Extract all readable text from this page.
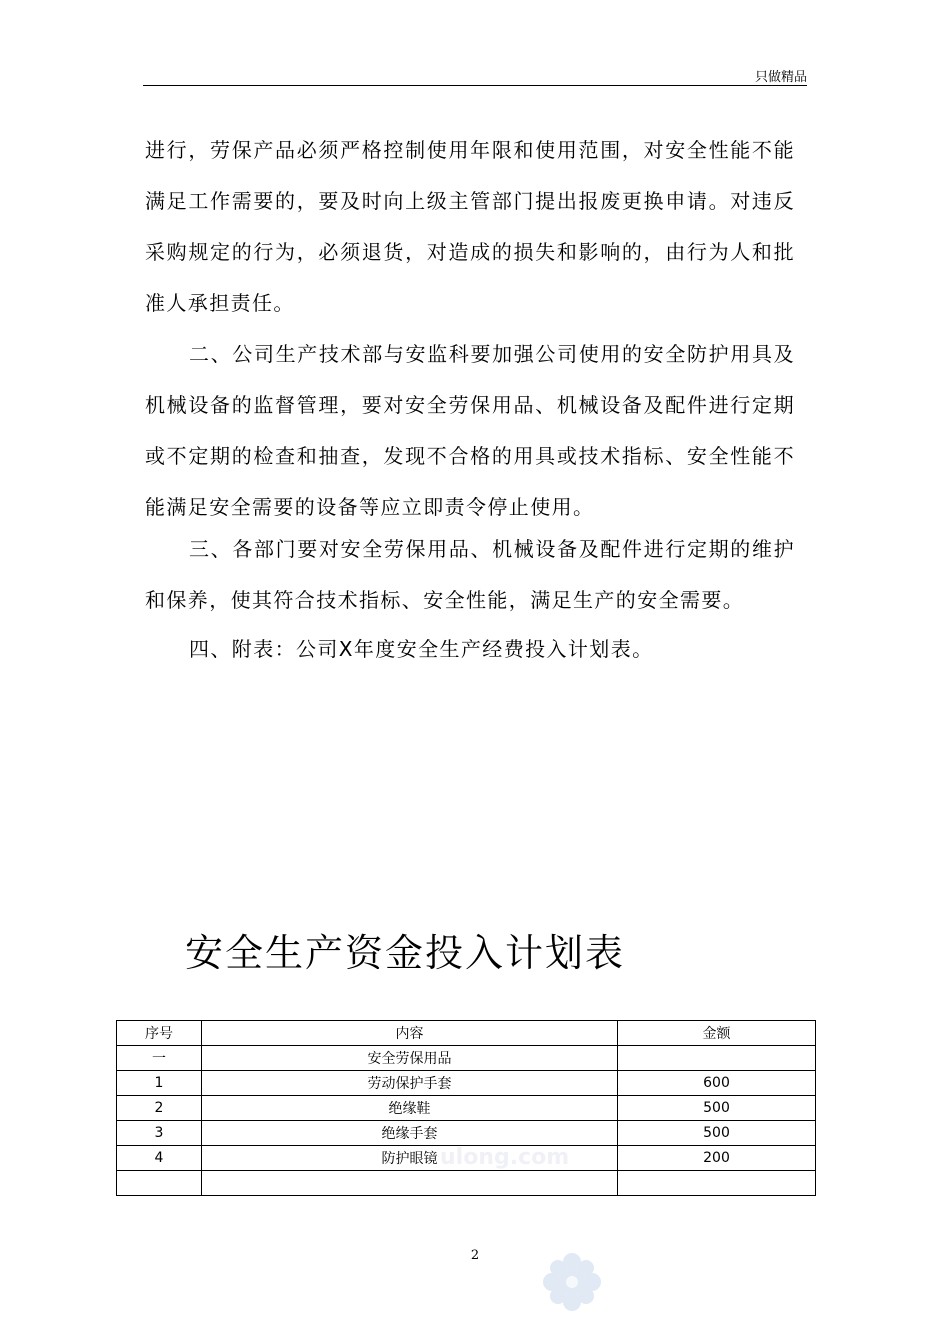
只做精品

进行，劳保产品必须严格控制使用年限和使用范围，对安全性能不能满足工作需要的，要及时向上级主管部门提出报废更换申请。对违反采购规定的行为，必须退货，对造成的损失和影响的，由行为人和批准人承担责任。

二、公司生产技术部与安监科要加强公司使用的安全防护用具及机械设备的监督管理，要对安全劳保用品、机械设备及配件进行定期或不定期的检查和抽查，发现不合格的用具或技术指标、安全性能不能满足安全需要的设备等应立即责令停止使用。

三、各部门要对安全劳保用品、机械设备及配件进行定期的维护和保养，使其符合技术指标、安全性能，满足生产的安全需要。

四、附表：公司X年度安全生产经费投入计划表。

安全生产资金投入计划表
序号	内容	金额
一	安全劳保用品	
1	劳动保护手套	600
2	绝缘鞋	500
3	绝缘手套	500
4	防护眼镜	200

ulong.com
2
